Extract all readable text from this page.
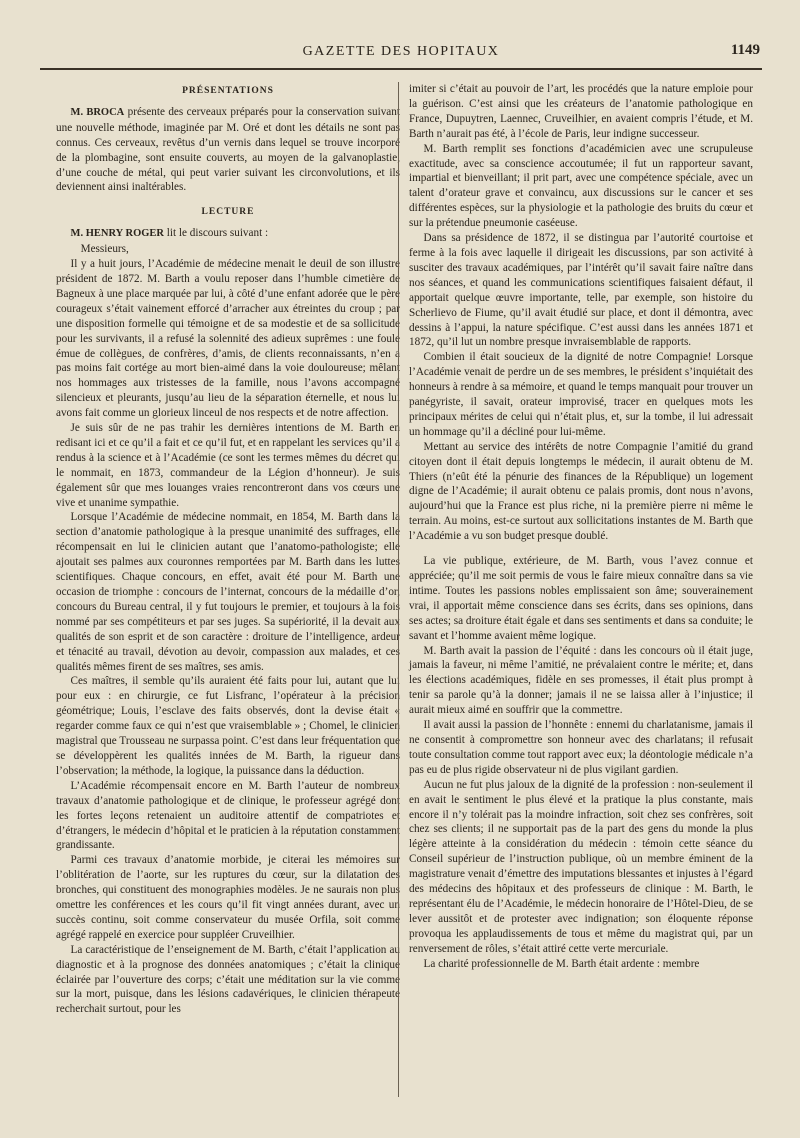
GAZETTE DES HOPITAUX	1149
PRÉSENTATIONS

M. BROCA présente des cerveaux préparés pour la conservation suivant une nouvelle méthode, imaginée par M. Oré et dont les détails ne sont pas connus. Ces cerveaux, revêtus d’un vernis dans lequel se trouve incorporé de la plombagine, sont ensuite couverts, au moyen de la galvanoplastie, d’une couche de métal, qui peut varier suivant les circonvolutions, et ils deviennent ainsi inaltérables.

LECTURE

M. HENRY ROGER lit le discours suivant :

Messieurs,

Il y a huit jours, l’Académie de médecine menait le deuil de son illustre président de 1872. M. Barth a voulu reposer dans l’humble cimetière de Bagneux à une place marquée par lui, à côté d’une enfant adorée que le père courageux s’était vainement efforcé d’arracher aux étreintes du croup ; par une disposition formelle qui témoigne et de sa modestie et de sa sollicitude pour les survivants, il a refusé la solennité des adieux suprêmes : une foule émue de collègues, de confrères, d’amis, de clients reconnaissants, n’en a pas moins fait cortége au mort bien-aimé dans la voie douloureuse; mêlant nos hommages aux tristesses de la famille, nous l’avons accompagné silencieux et pleurants, jusqu’au lieu de la séparation éternelle, et nous lui avons fait comme un glorieux linceul de nos respects et de notre affection.

Je suis sûr de ne pas trahir les dernières intentions de M. Barth en redisant ici et ce qu’il a fait et ce qu’il fut, et en rappelant les services qu’il a rendus à la science et à l’Académie (ce sont les termes mêmes du décret qui le nommait, en 1873, commandeur de la Légion d’honneur). Je suis également sûr que mes louanges vraies rencontreront dans vos cœurs une vive et unanime sympathie.

Lorsque l’Académie de médecine nommait, en 1854, M. Barth dans la section d’anatomie pathologique à la presque unanimité des suffrages, elle récompensait en lui le clinicien autant que l’anatomo-pathologiste; elle ajoutait ses palmes aux couronnes remportées par M. Barth dans les luttes scientifiques. Chaque concours, en effet, avait été pour M. Barth une occasion de triomphe : concours de l’internat, concours de la médaille d’or, concours du Bureau central, il y fut toujours le premier, et toujours à la fois nommé par ses compétiteurs et par ses juges. Sa supériorité, il la devait aux qualités de son esprit et de son caractère : droiture de l’intelligence, ardeur et ténacité au travail, dévotion au devoir, compassion aux malades, et ces qualités mêmes firent de ses maîtres, ses amis.

Ces maîtres, il semble qu’ils auraient été faits pour lui, autant que lui pour eux : en chirurgie, ce fut Lisfranc, l’opérateur à la précision géométrique; Louis, l’esclave des faits observés, dont la devise était « regarder comme faux ce qui n’est que vraisemblable » ; Chomel, le clinicien magistral que Trousseau ne surpassa point. C’est dans leur fréquentation que se développèrent les qualités innées de M. Barth, la rigueur dans l’observation; la méthode, la logique, la puissance dans la déduction.

L’Académie récompensait encore en M. Barth l’auteur de nombreux travaux d’anatomie pathologique et de clinique, le professeur agrégé dont les fortes leçons retenaient un auditoire attentif de compatriotes et d’étrangers, le médecin d’hôpital et le praticien à la réputation constamment grandissante.

Parmi ces travaux d’anatomie morbide, je citerai les mémoires sur l’oblitération de l’aorte, sur les ruptures du cœur, sur la dilatation des bronches, qui constituent des monographies modèles. Je ne saurais non plus omettre les conférences et les cours qu’il fit vingt années durant, avec un succès continu, soit comme conservateur du musée Orfila, soit comme agrégé rappelé en exercice pour suppléer Cruveilhier.

La caractéristique de l’enseignement de M. Barth, c’était l’application au diagnostic et à la prognose des données anatomiques ; c’était la clinique éclairée par l’ouverture des corps; c’était une méditation sur la vie comme sur la mort, puisque, dans les lésions cadavériques, le clinicien thérapeute recherchait surtout, pour les

imiter si c’était au pouvoir de l’art, les procédés que la nature emploie pour la guérison. C’est ainsi que les créateurs de l’anatomie pathologique en France, Dupuytren, Laennec, Cruveilhier, en avaient compris l’étude, et M. Barth n’aurait pas été, à l’école de Paris, leur indigne successeur.

M. Barth remplit ses fonctions d’académicien avec une scrupuleuse exactitude, avec sa conscience accoutumée; il fut un rapporteur savant, impartial et bienveillant; il prit part, avec une compétence spéciale, avec un talent d’orateur grave et convaincu, aux discussions sur le cancer et ses différentes espèces, sur la physiologie et la pathologie des bruits du cœur et sur la prétendue pneumonie caséeuse.

Dans sa présidence de 1872, il se distingua par l’autorité courtoise et ferme à la fois avec laquelle il dirigeait les discussions, par son activité à susciter des travaux académiques, par l’intérêt qu’il savait faire naître dans nos séances, et quand les communications scientifiques faisaient défaut, il apportait quelque œuvre importante, telle, par exemple, son histoire du Scherlievo de Fiume, qu’il avait étudié sur place, et dont il démontra, avec dessins à l’appui, la nature spécifique. C’est aussi dans les années 1871 et 1872, qu’il lut un nombre presque invraisemblable de rapports.

Combien il était soucieux de la dignité de notre Compagnie! Lorsque l’Académie venait de perdre un de ses membres, le président s’inquiétait des honneurs à rendre à sa mémoire, et quand le temps manquait pour trouver un panégyriste, il savait, orateur improvisé, tracer en quelques mots les principaux mérites de celui qui n’était plus, et, sur la tombe, il lui adressait un hommage qu’il a décliné pour lui-même.

Mettant au service des intérêts de notre Compagnie l’amitié du grand citoyen dont il était depuis longtemps le médecin, il aurait obtenu de M. Thiers (n’eût été la pénurie des finances de la République) un logement digne de l’Académie; il aurait obtenu ce palais promis, dont nous n’avons, aujourd’hui que la France est plus riche, ni la première pierre ni même le terrain. Au moins, est-ce surtout aux sollicitations instantes de M. Barth que l’Académie a vu son budget presque doublé.

La vie publique, extérieure, de M. Barth, vous l’avez connue et appréciée; qu’il me soit permis de vous le faire mieux connaître dans sa vie intime. Toutes les passions nobles emplissaient son âme; souverainement vrai, il apportait même conscience dans ses écrits, dans ses opinions, dans ses actes; sa droiture était égale et dans ses sentiments et dans sa conduite; le savant et l’homme avaient même logique.

M. Barth avait la passion de l’équité : dans les concours où il était juge, jamais la faveur, ni même l’amitié, ne prévalaient contre le mérite; et, dans les élections académiques, fidèle en ses promesses, il était plus prompt à tenir sa parole qu’à la donner; jamais il ne se laissa aller à l’injustice; il aurait mieux aimé en souffrir que la commettre.

Il avait aussi la passion de l’honnête : ennemi du charlatanisme, jamais il ne consentit à compromettre son honneur avec des charlatans; il refusait toute consultation comme tout rapport avec eux; la déontologie médicale n’a pas eu de plus rigide observateur ni de plus vigilant gardien.

Aucun ne fut plus jaloux de la dignité de la profession : non-seulement il en avait le sentiment le plus élevé et la pratique la plus constante, mais encore il n’y tolérait pas la moindre infraction, soit chez ses confrères, soit chez ses clients; il ne supportait pas de la part des gens du monde la plus légère atteinte à la considération du médecin : témoin cette séance du Conseil supérieur de l’instruction publique, où un membre éminent de la magistrature venait d’émettre des imputations blessantes et injustes à l’égard des médecins des hôpitaux et des professeurs de clinique : M. Barth, le représentant élu de l’Académie, le médecin honoraire de l’Hôtel-Dieu, de se lever aussitôt et de protester avec indignation; son éloquente réponse provoqua les applaudissements de tous et même du magistrat qui, par un renversement de rôles, s’était attiré cette verte mercuriale.

La charité professionnelle de M. Barth était ardente : membre
